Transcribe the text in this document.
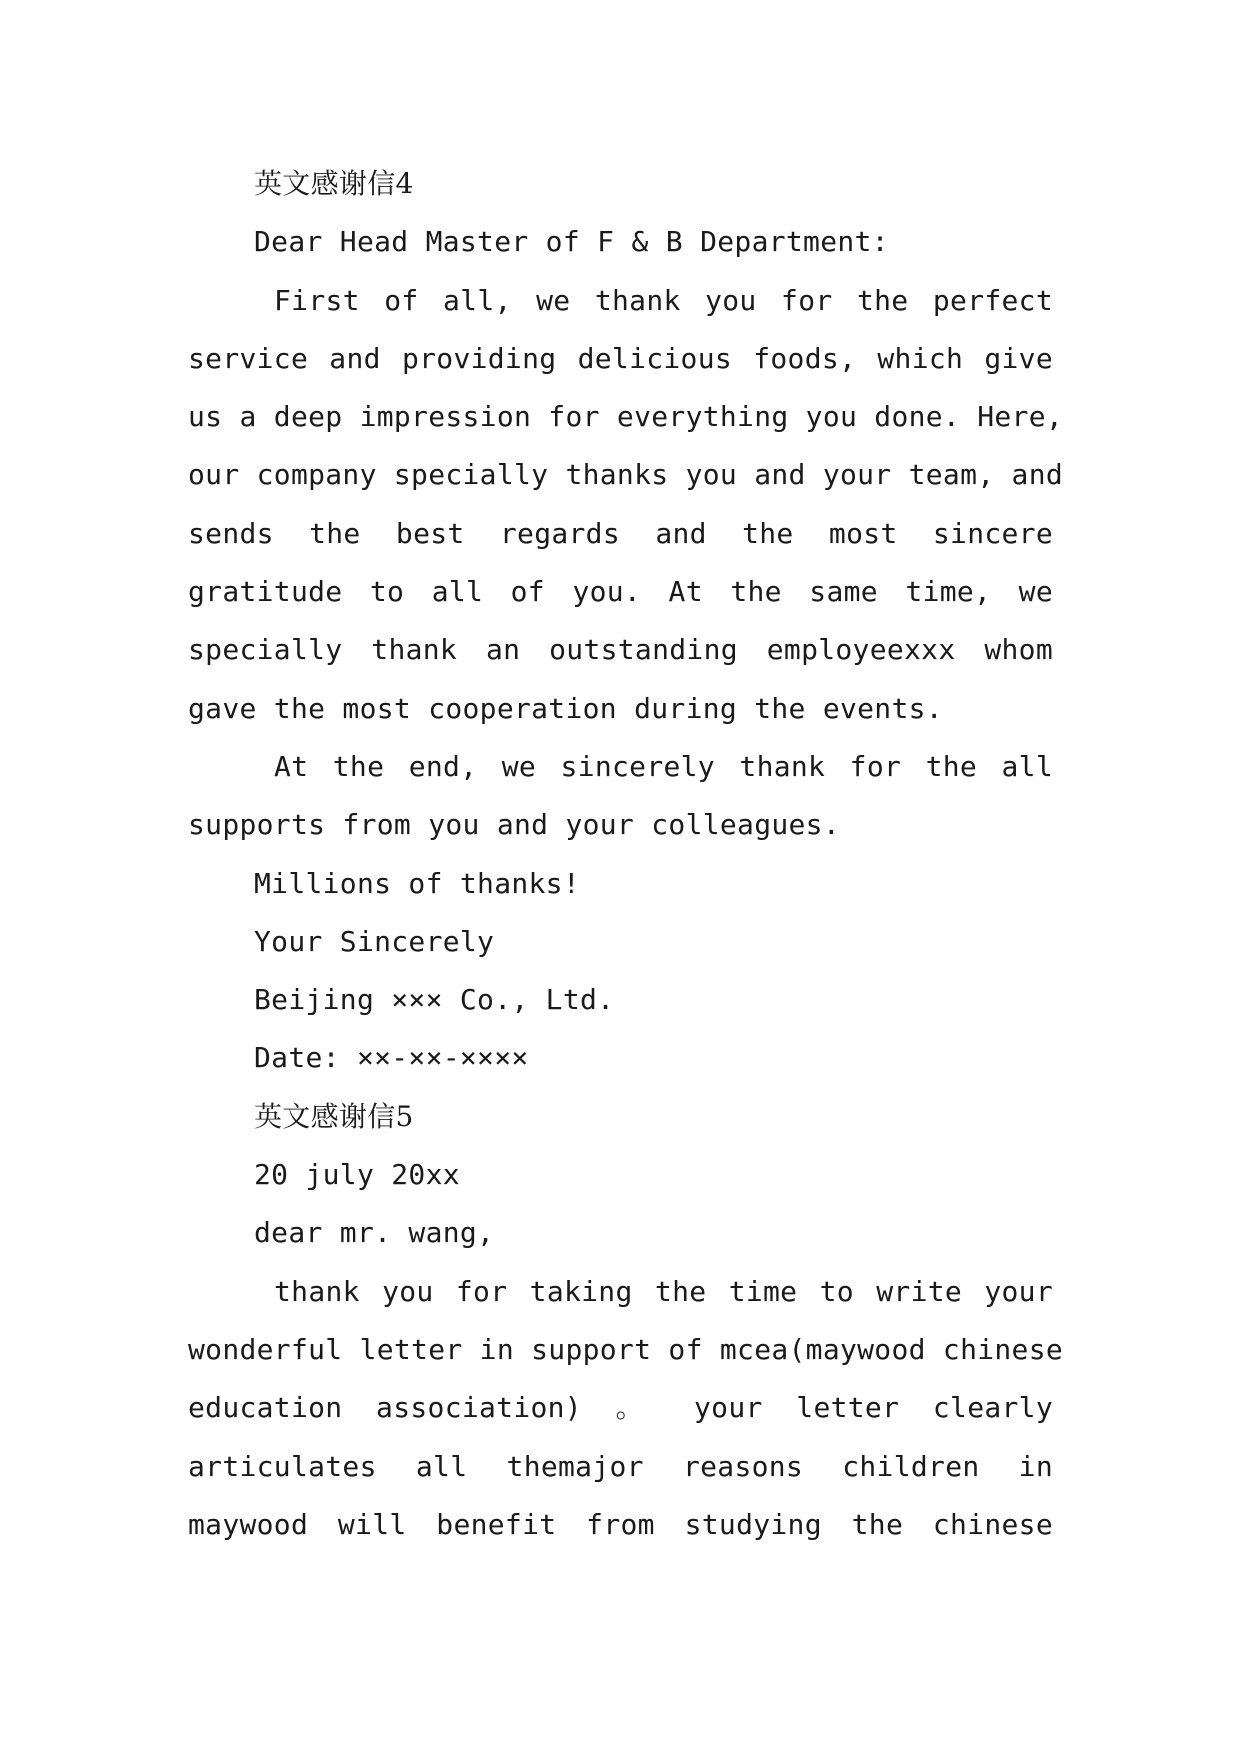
英文感谢信4
Dear Head Master of F & B Department:
First of all, we thank you for the perfect
service and providing delicious foods, which give
us a deep impression for everything you done. Here,
our company specially thanks you and your team, and
sends the best regards and the most sincere
gratitude to all of you. At the same time, we
specially thank an outstanding employeexxx whom
gave the most cooperation during the events.
At the end, we sincerely thank for the all
supports from you and your colleagues.
Millions of thanks!
Your Sincerely
Beijing ××× Co., Ltd.
Date: ××-××-××××
英文感谢信5
20 july 20xx
dear mr. wang,
thank you for taking the time to write your
wonderful letter in support of mcea(maywood chinese
education association) 。 your letter clearly
articulates all themajor reasons children in
maywood will benefit from studying the chinese
